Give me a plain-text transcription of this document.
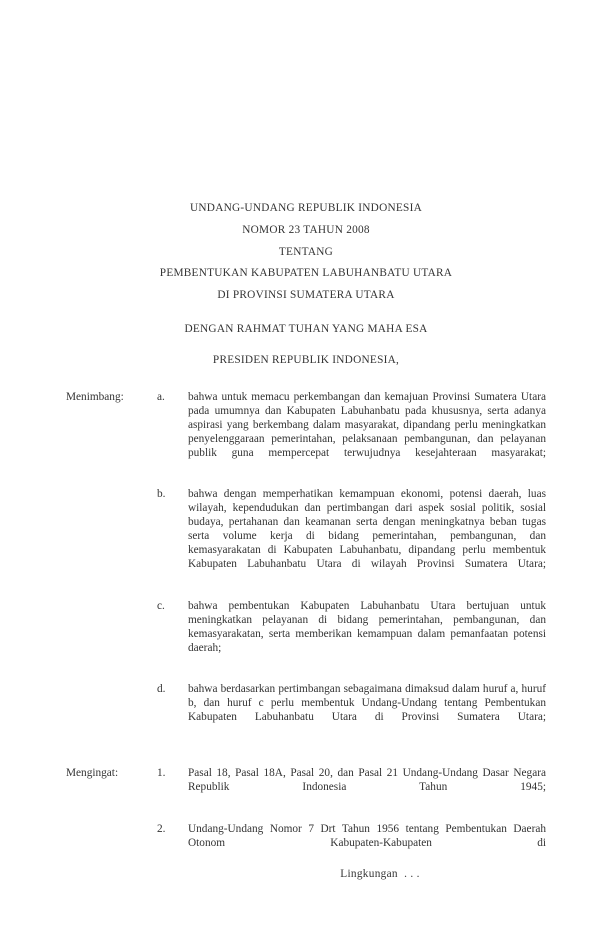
UNDANG-UNDANG REPUBLIK INDONESIA
NOMOR 23 TAHUN 2008
TENTANG
PEMBENTUKAN KABUPATEN LABUHANBATU UTARA
DI PROVINSI SUMATERA UTARA
DENGAN RAHMAT TUHAN YANG MAHA ESA
PRESIDEN REPUBLIK INDONESIA,
Menimbang:	a.	bahwa untuk memacu perkembangan dan kemajuan Provinsi Sumatera Utara pada umumnya dan Kabupaten Labuhanbatu pada khususnya, serta adanya aspirasi yang berkembang dalam masyarakat, dipandang perlu meningkatkan penyelenggaraan pemerintahan, pelaksanaan pembangunan, dan pelayanan publik guna mempercepat terwujudnya kesejahteraan masyarakat;
b.	bahwa dengan memperhatikan kemampuan ekonomi, potensi daerah, luas wilayah, kependudukan dan pertimbangan dari aspek sosial politik, sosial budaya, pertahanan dan keamanan serta dengan meningkatnya beban tugas serta volume kerja di bidang pemerintahan, pembangunan, dan kemasyarakatan di Kabupaten Labuhanbatu, dipandang perlu membentuk Kabupaten Labuhanbatu Utara di wilayah Provinsi Sumatera Utara;
c.	bahwa pembentukan Kabupaten Labuhanbatu Utara bertujuan untuk meningkatkan pelayanan di bidang pemerintahan, pembangunan, dan kemasyarakatan, serta memberikan kemampuan dalam pemanfaatan potensi daerah;
d.	bahwa berdasarkan pertimbangan sebagaimana dimaksud dalam huruf a, huruf b, dan huruf c perlu membentuk Undang-Undang tentang Pembentukan Kabupaten Labuhanbatu Utara di Provinsi Sumatera Utara;
Mengingat:	1.	Pasal 18, Pasal 18A, Pasal 20, dan Pasal 21 Undang-Undang Dasar Negara Republik Indonesia Tahun 1945;
2.	Undang-Undang Nomor 7 Drt Tahun 1956 tentang Pembentukan Daerah Otonom Kabupaten-Kabupaten di
Lingkungan  . . .
